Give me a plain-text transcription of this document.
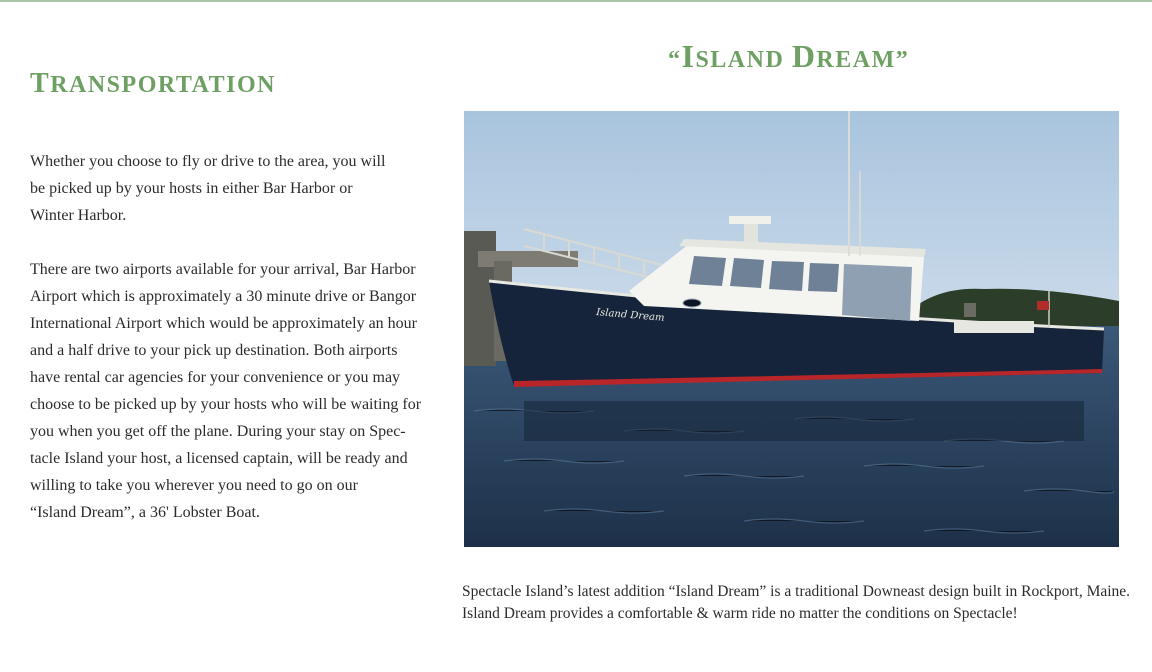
TRANSPORTATION

Whether you choose to fly or drive to the area, you will
be picked up by your hosts in either Bar Harbor or
Winter Harbor.

There are two airports available for your arrival, Bar Harbor
Airport which is approximately a 30 minute drive or Bangor
International Airport which would be approximately an hour
and a half drive to your pick up destination. Both airports
have rental car agencies for your convenience or you may
choose to be picked up by your hosts who will be waiting for
you when you get off the plane. During your stay on Spec-
tacle Island your host, a licensed captain, will be ready and
willing to take you wherever you need to go on our
“Island Dream”, a 36' Lobster Boat.

“ISLAND DREAM”
Island Dream

Spectacle Island’s latest addition “Island Dream” is a traditional Downeast design built in Rockport, Maine.
Island Dream provides a comfortable & warm ride no matter the conditions on Spectacle!
